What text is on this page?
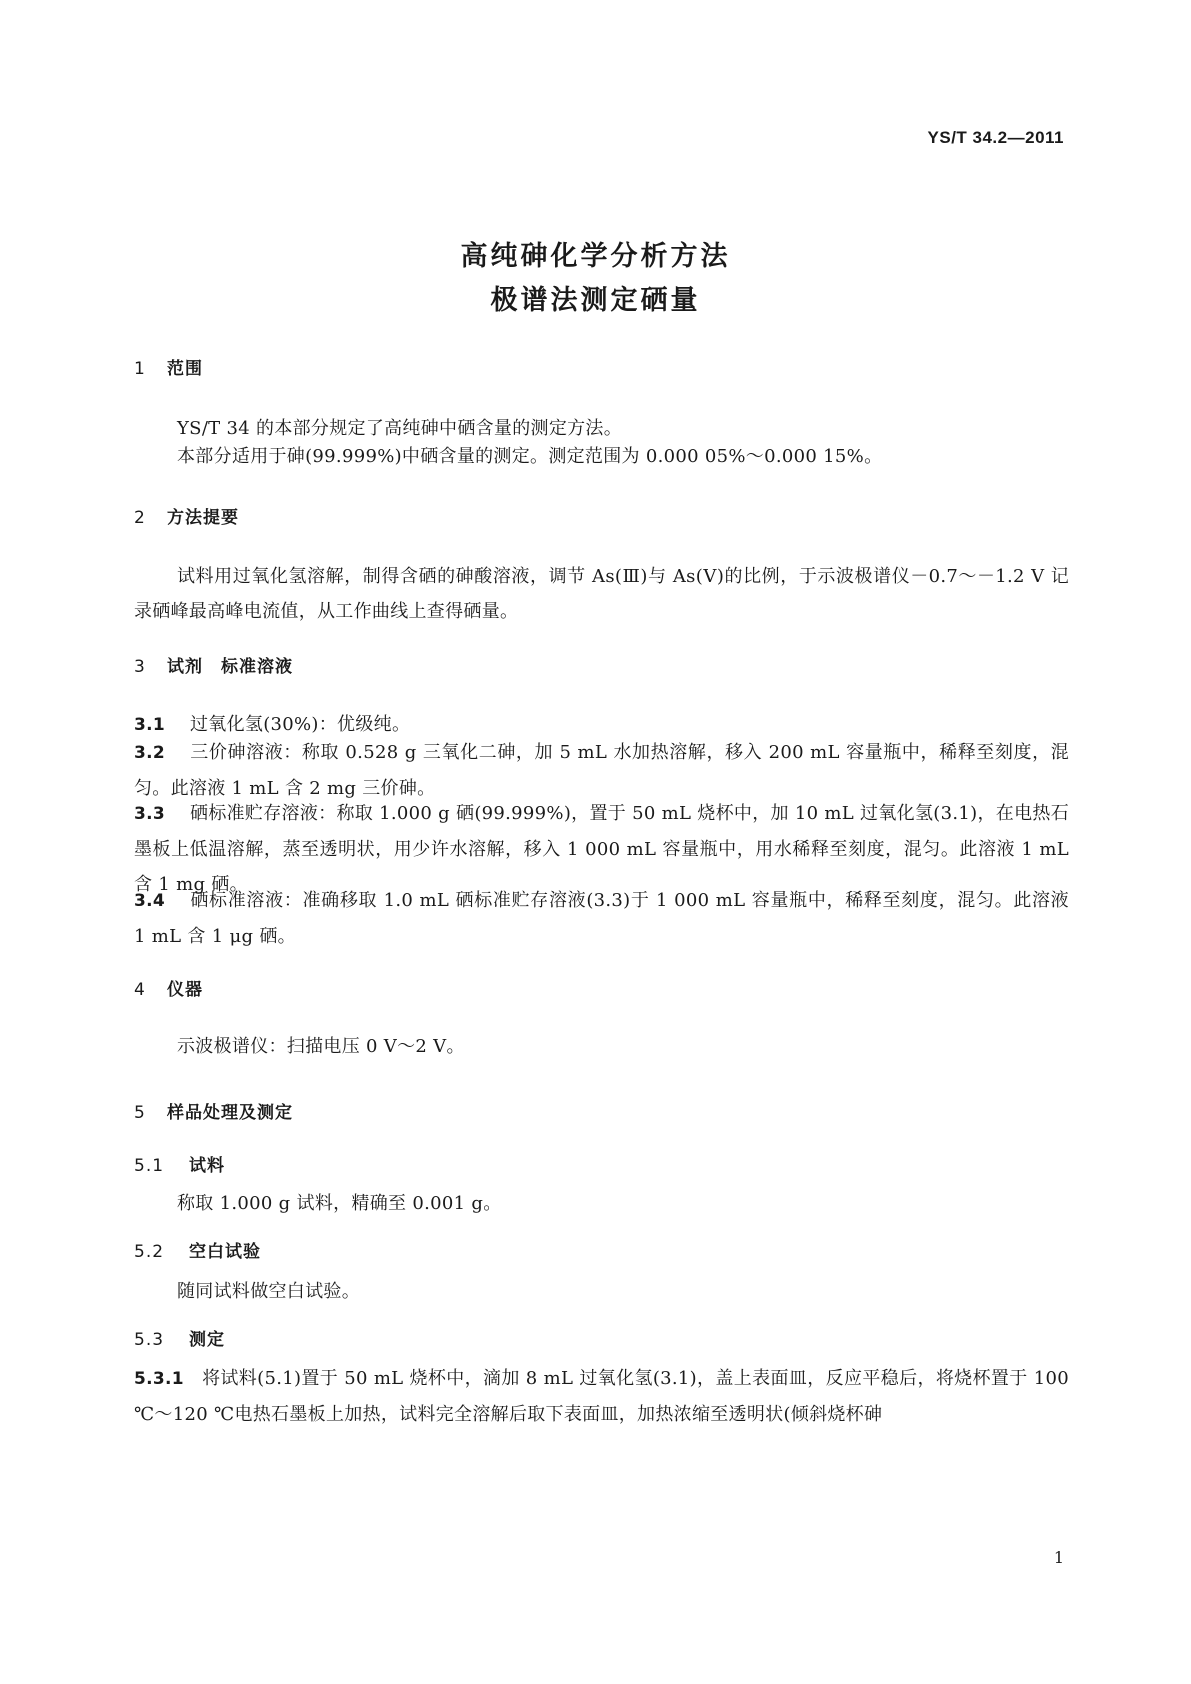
YS/T 34.2—2011
高纯砷化学分析方法
极谱法测定硒量
1 范围
YS/T 34 的本部分规定了高纯砷中硒含量的测定方法。
本部分适用于砷(99.999%)中硒含量的测定。测定范围为 0.000 05%～0.000 15%。
2 方法提要
试料用过氧化氢溶解，制得含硒的砷酸溶液，调节 As(Ⅲ)与 As(Ⅴ)的比例，于示波极谱仪－0.7～－1.2 V 记录硒峰最高峰电流值，从工作曲线上查得硒量。
3 试剂　标准溶液
3.1 过氧化氢(30%)：优级纯。
3.2 三价砷溶液：称取 0.528 g 三氧化二砷，加 5 mL 水加热溶解，移入 200 mL 容量瓶中，稀释至刻度，混匀。此溶液 1 mL 含 2 mg 三价砷。
3.3 硒标准贮存溶液：称取 1.000 g 硒(99.999%)，置于 50 mL 烧杯中，加 10 mL 过氧化氢(3.1)，在电热石墨板上低温溶解，蒸至透明状，用少许水溶解，移入 1 000 mL 容量瓶中，用水稀释至刻度，混匀。此溶液 1 mL 含 1 mg 硒。
3.4 硒标准溶液：准确移取 1.0 mL 硒标准贮存溶液(3.3)于 1 000 mL 容量瓶中，稀释至刻度，混匀。此溶液 1 mL 含 1 μg 硒。
4 仪器
示波极谱仪：扫描电压 0 V～2 V。
5 样品处理及测定
5.1 试料
称取 1.000 g 试料，精确至 0.001 g。
5.2 空白试验
随同试料做空白试验。
5.3 测定
5.3.1 将试料(5.1)置于 50 mL 烧杯中，滴加 8 mL 过氧化氢(3.1)，盖上表面皿，反应平稳后，将烧杯置于 100 ℃～120 ℃电热石墨板上加热，试料完全溶解后取下表面皿，加热浓缩至透明状(倾斜烧杯砷
1
